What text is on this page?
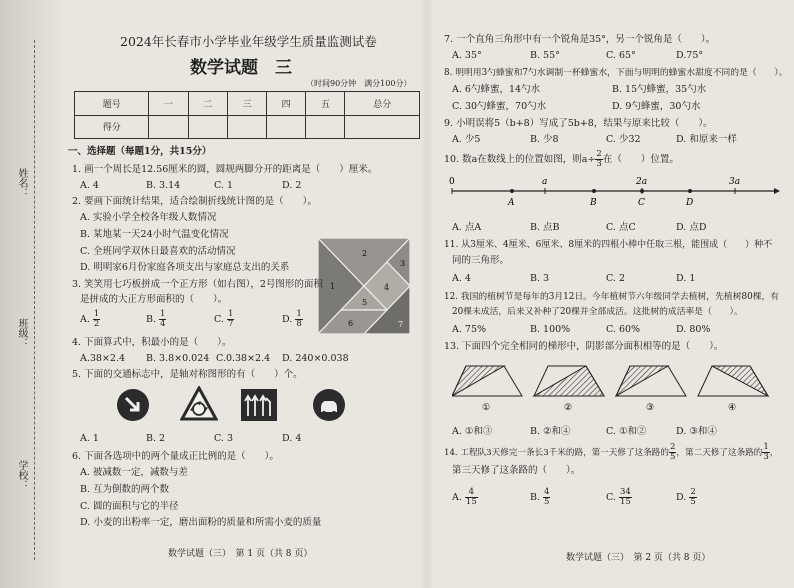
姓名：
班级：
学校：
2024年长春市小学毕业年级学生质量监测试卷
数学试题　三
（时间90分钟　满分100分）
题号	一	二	三	四	五	总分
得分						
一、选择题（每题1分，共15分）
1. 画一个周长是12.56厘米的圆，圆规两脚分开的距离是（　　）厘米。
A. 4	B. 3.14	C. 1	D. 2
2. 要画下面统计结果，适合绘制折线统计图的是（　　）。
A. 实验小学全校各年级人数情况
B. 某地某一天24小时气温变化情况
C. 全班同学双休日最喜欢的活动情况
D. 明明家6月份家庭各项支出与家庭总支出的关系
1
2
3
4
5
6	7
3. 笑笑用七巧板拼成一个正方形（如右图），2号图形的面积
是拼成的大正方形面积的（　　）。
A. $\frac{1}{2}$	B. $\frac{1}{4}$	C. $\frac{1}{7}$	D. $\frac{1}{8}$
4. 下面算式中，积最小的是（　　）。
A.38×2.4 B. 3.8×0.024 C.0.38×2.4 D. 240×0.038
5. 下面的交通标志中，是轴对称图形的有（　　）个。
A. 1	B. 2	C. 3	D. 4
6. 下面各选项中的两个量成正比例的是（　　）。
A. 被减数一定，减数与差
B. 互为倒数的两个数
C. 圆的面积与它的半径
D. 小麦的出粉率一定，磨出面粉的质量和所需小麦的质量
数学试题（三）　第 1 页（共 8 页）
7. 一个直角三角形中有一个锐角是35°，另一个锐角是（　　）。
A. 35°	B. 55°	C. 65°	D.75°
8. 明明用3勺蜂蜜和7勺水调制一杯蜂蜜水，下面与明明的蜂蜜水甜度不同的是（　　）。
A. 6勺蜂蜜，14勺水	B. 15勺蜂蜜，35勺水
C. 30勺蜂蜜，70勺水	D. 9勺蜂蜜，30勺水
9. 小明误将5（b+8）写成了5b+8，结果与原来比较（　　）。
A. 少5	B. 少8	C. 少32	D. 和原来一样
10. 数a在数线上的位置如图，则$a\div \frac{2}{3}$ 在（　　）位置。
0	a	2a	3a
A	B	C	D
A. 点A	B. 点B	C. 点C	D. 点D
11. 从3厘米、4厘米、6厘米、8厘米的四根小棒中任取三根，能围成（　　）种不
同的三角形。
A. 4	B. 3	C. 2	D. 1
12. 我国的植树节是每年的3月12日。今年植树节六年级同学去植树，先植树80棵，有
20棵未成活，后来又补种了20棵并全部成活。这批树的成活率是（　　）。
A. 75%	B. 100%	C. 60%	D. 80%
13. 下面四个完全相同的梯形中，阴影部分面积相等的是（　　）。
①	②	③	④
A. ①和③	B. ②和④	C. ①和②	D. ③和④
14. 工程队3天修完一条长3千米的路，第一天修了这条路的 $\frac{2}{5}$ ，第二天修了这条路的 $\frac{1}{3}$ ，
第三天修了这条路的（　　）。
A. $\frac{4}{15}$	B. $\frac{4}{5}$	C. $\frac{34}{15}$	D. $\frac{2}{5}$
数学试题（三）　第 2 页（共 8 页）
